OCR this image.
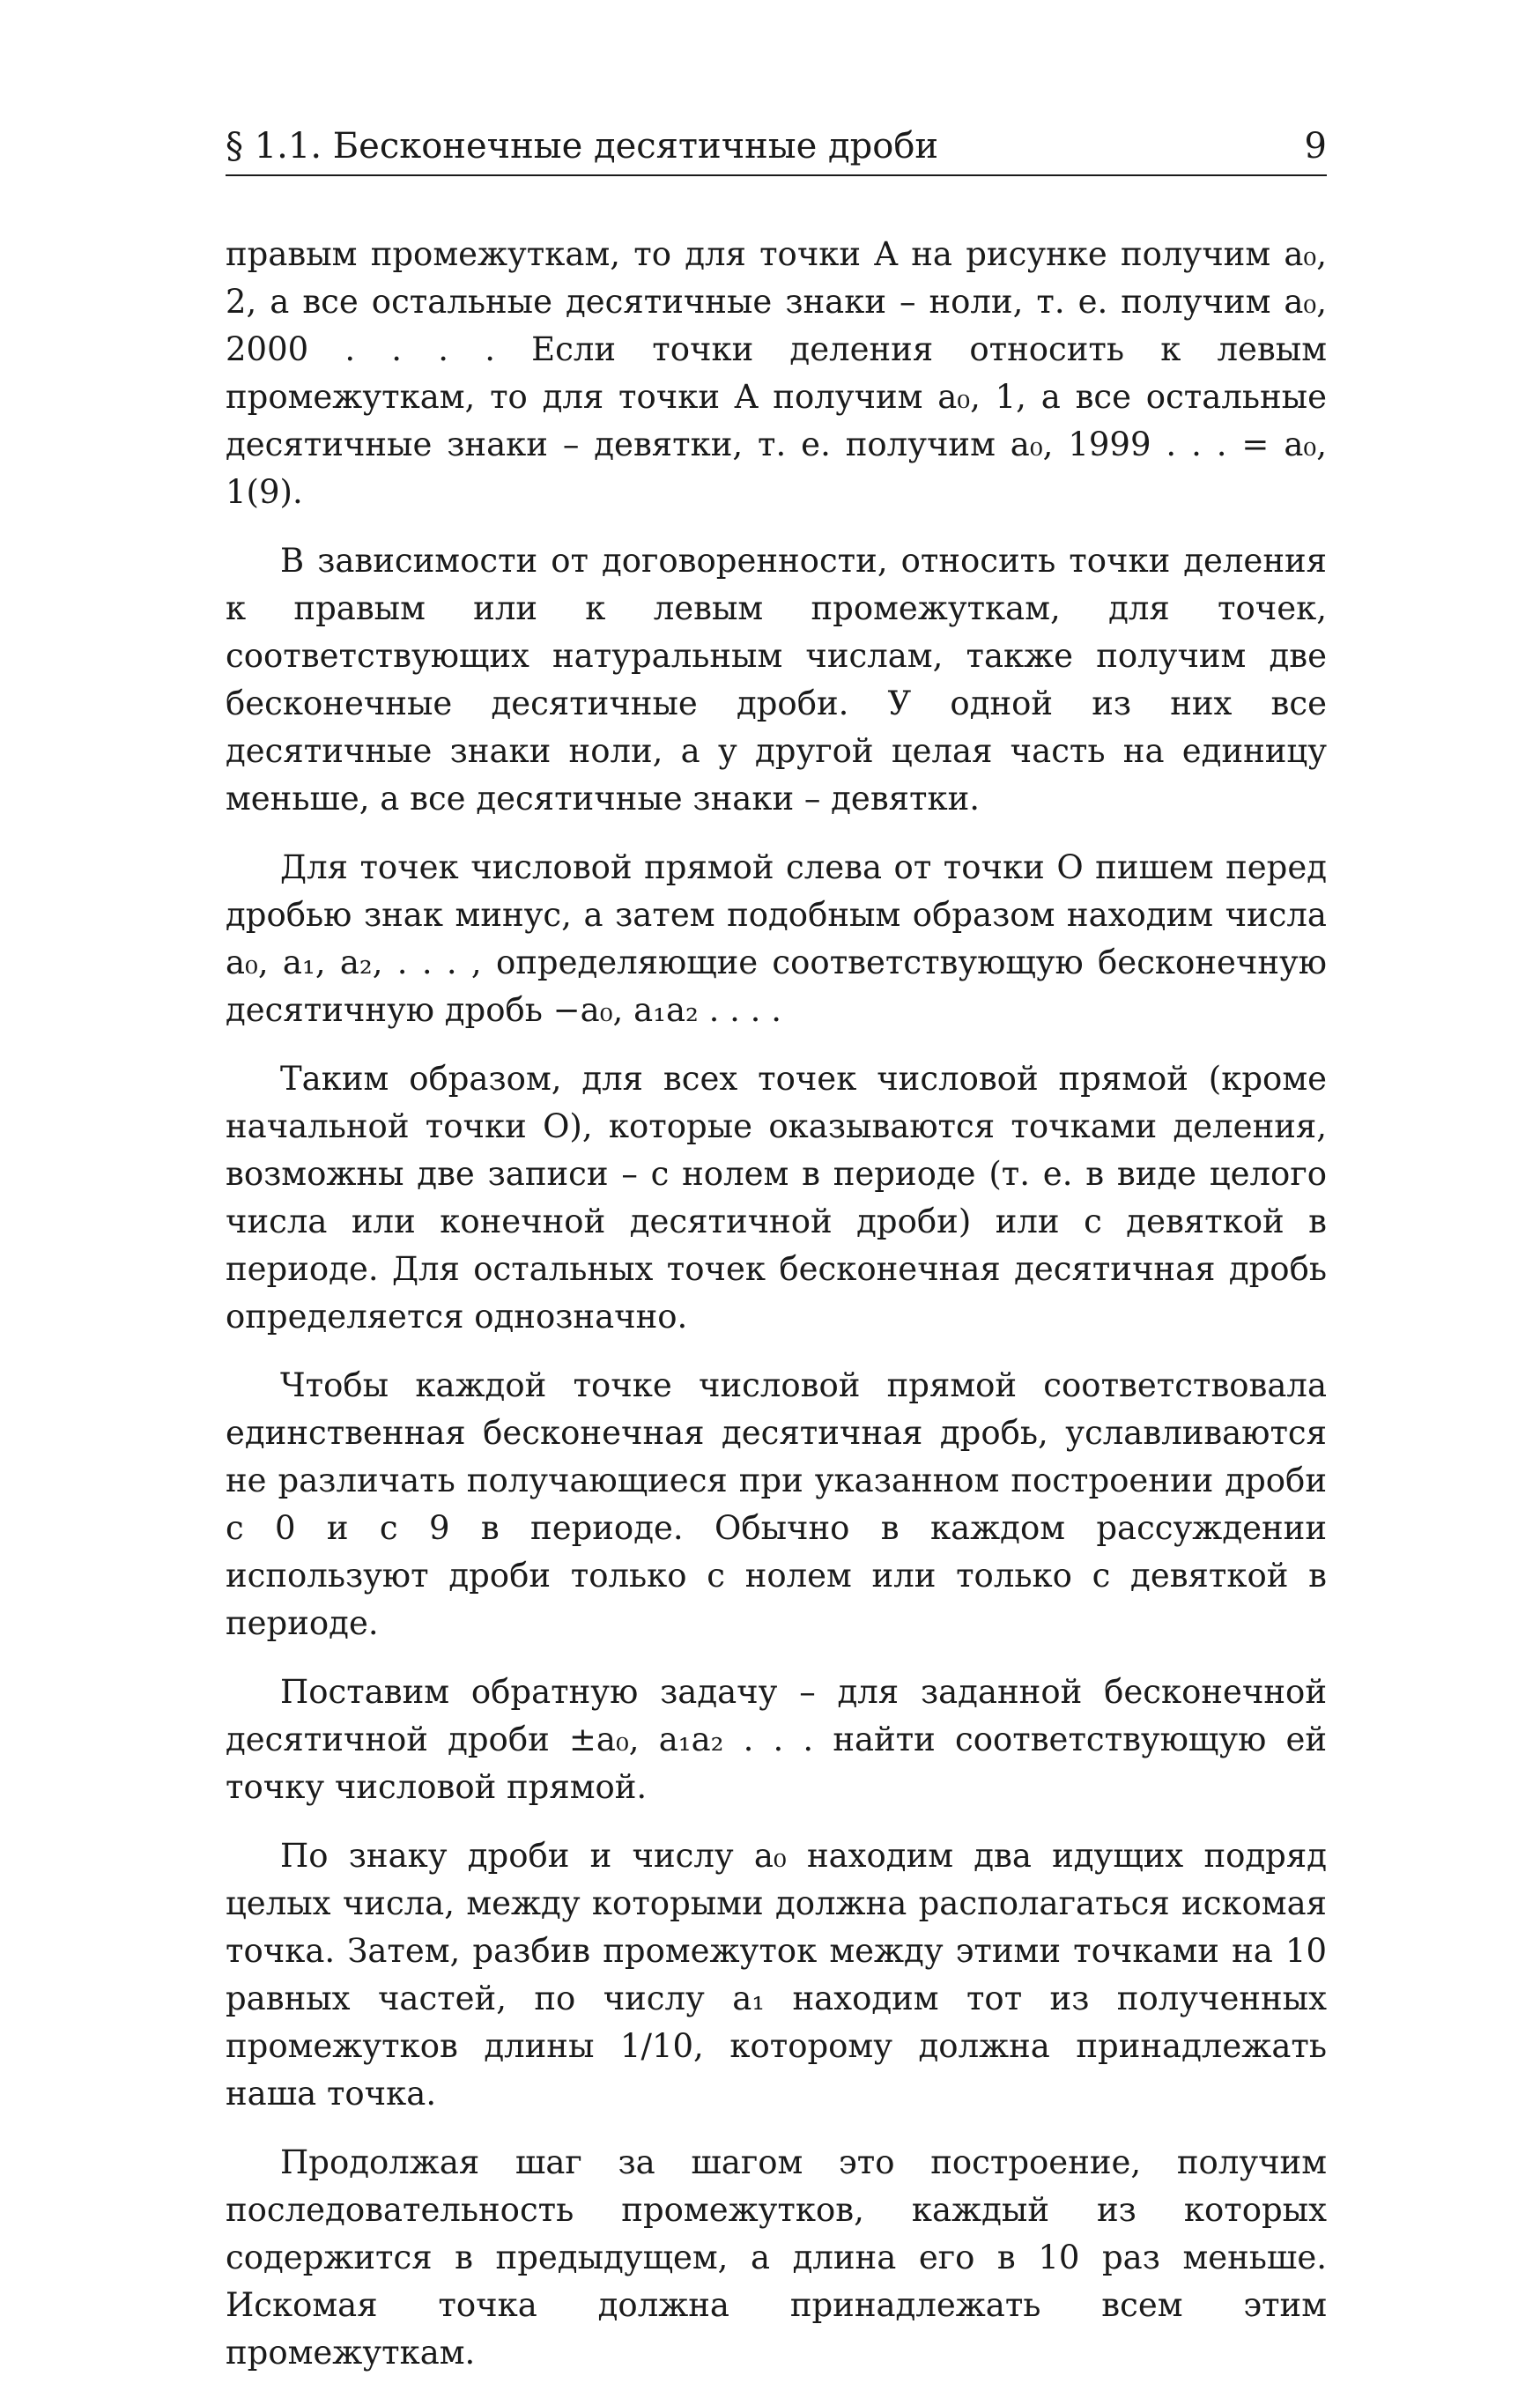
§ 1.1. Бесконечные десятичные дроби	9

правым промежуткам, то для точки A на рисунке получим a₀, 2, а все остальные десятичные знаки – ноли, т. е. получим a₀, 2000 . . . . Если точки деления относить к левым промежуткам, то для точки A получим a₀, 1, а все остальные десятичные знаки – девятки, т. е. получим a₀, 1999 . . . = a₀, 1(9).

В зависимости от договоренности, относить точки деления к правым или к левым промежуткам, для точек, соответствующих натуральным числам, также получим две бесконечные десятичные дроби. У одной из них все десятичные знаки ноли, а у другой целая часть на единицу меньше, а все десятичные знаки – девятки.

Для точек числовой прямой слева от точки O пишем перед дробью знак минус, а затем подобным образом находим числа a₀, a₁, a₂, . . . , определяющие соответствующую бесконечную десятичную дробь −a₀, a₁a₂ . . . .

Таким образом, для всех точек числовой прямой (кроме начальной точки O), которые оказываются точками деления, возможны две записи – с нолем в периоде (т. е. в виде целого числа или конечной десятичной дроби) или с девяткой в периоде. Для остальных точек бесконечная десятичная дробь определяется однозначно.

Чтобы каждой точке числовой прямой соответствовала единственная бесконечная десятичная дробь, уславливаются не различать получающиеся при указанном построении дроби с 0 и с 9 в периоде. Обычно в каждом рассуждении используют дроби только с нолем или только с девяткой в периоде.

Поставим обратную задачу – для заданной бесконечной десятичной дроби ±a₀, a₁a₂ . . . найти соответствующую ей точку числовой прямой.

По знаку дроби и числу a₀ находим два идущих подряд целых числа, между которыми должна располагаться искомая точка. Затем, разбив промежуток между этими точками на 10 равных частей, по числу a₁ находим тот из полученных промежутков длины 1/10, которому должна принадлежать наша точка.

Продолжая шаг за шагом это построение, получим последовательность промежутков, каждый из которых содержится в предыдущем, а длина его в 10 раз меньше. Искомая точка должна принадлежать всем этим промежуткам.
